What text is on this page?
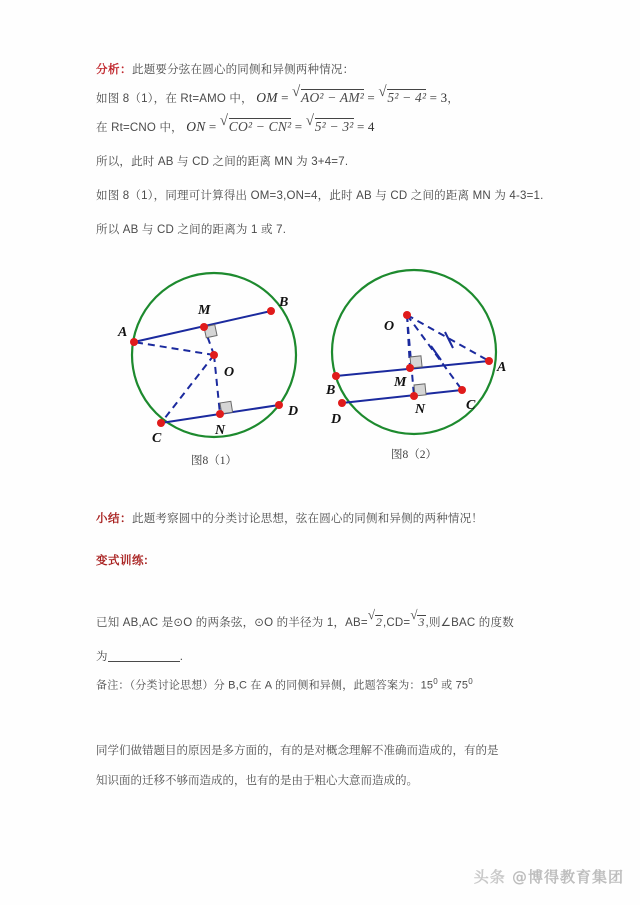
分析：此题要分弦在圆心的同侧和异侧两种情况：
如图 8（1），在 Rt=AMO 中， OM = √ AO² − AM² = √ 5² − 4² = 3，
在 Rt=CNO 中， ON = √ CO² − CN² = √ 5² − 3² = 4
所以，此时 AB 与 CD 之间的距离 MN 为 3+4=7.
如图 8（1），同理可计算得出 OM=3,ON=4，此时 AB 与 CD 之间的距离 MN 为 4-3=1.
所以 AB 与 CD 之间的距离为 1 或 7.
A
B
C
D
M
N
O
图8（1）
A
B
C
D
M
N
O
图8（2）
小结：此题考察圆中的分类讨论思想，弦在圆心的同侧和异侧的两种情况！
变式训练:
已知 AB,AC 是⊙O 的两条弦，⊙O 的半径为 1，AB=
√ 2,CD=
√ 3,则∠BAC 的度数
为	.
备注：（分类讨论思想）分 B,C 在 A 的同侧和异侧，此题答案为：$15^0$ 或 $75^0$
同学们做错题目的原因是多方面的，有的是对概念理解不准确而造成的，有的是
知识面的迁移不够而造成的，也有的是由于粗心大意而造成的。
头条 @博得教育集团
